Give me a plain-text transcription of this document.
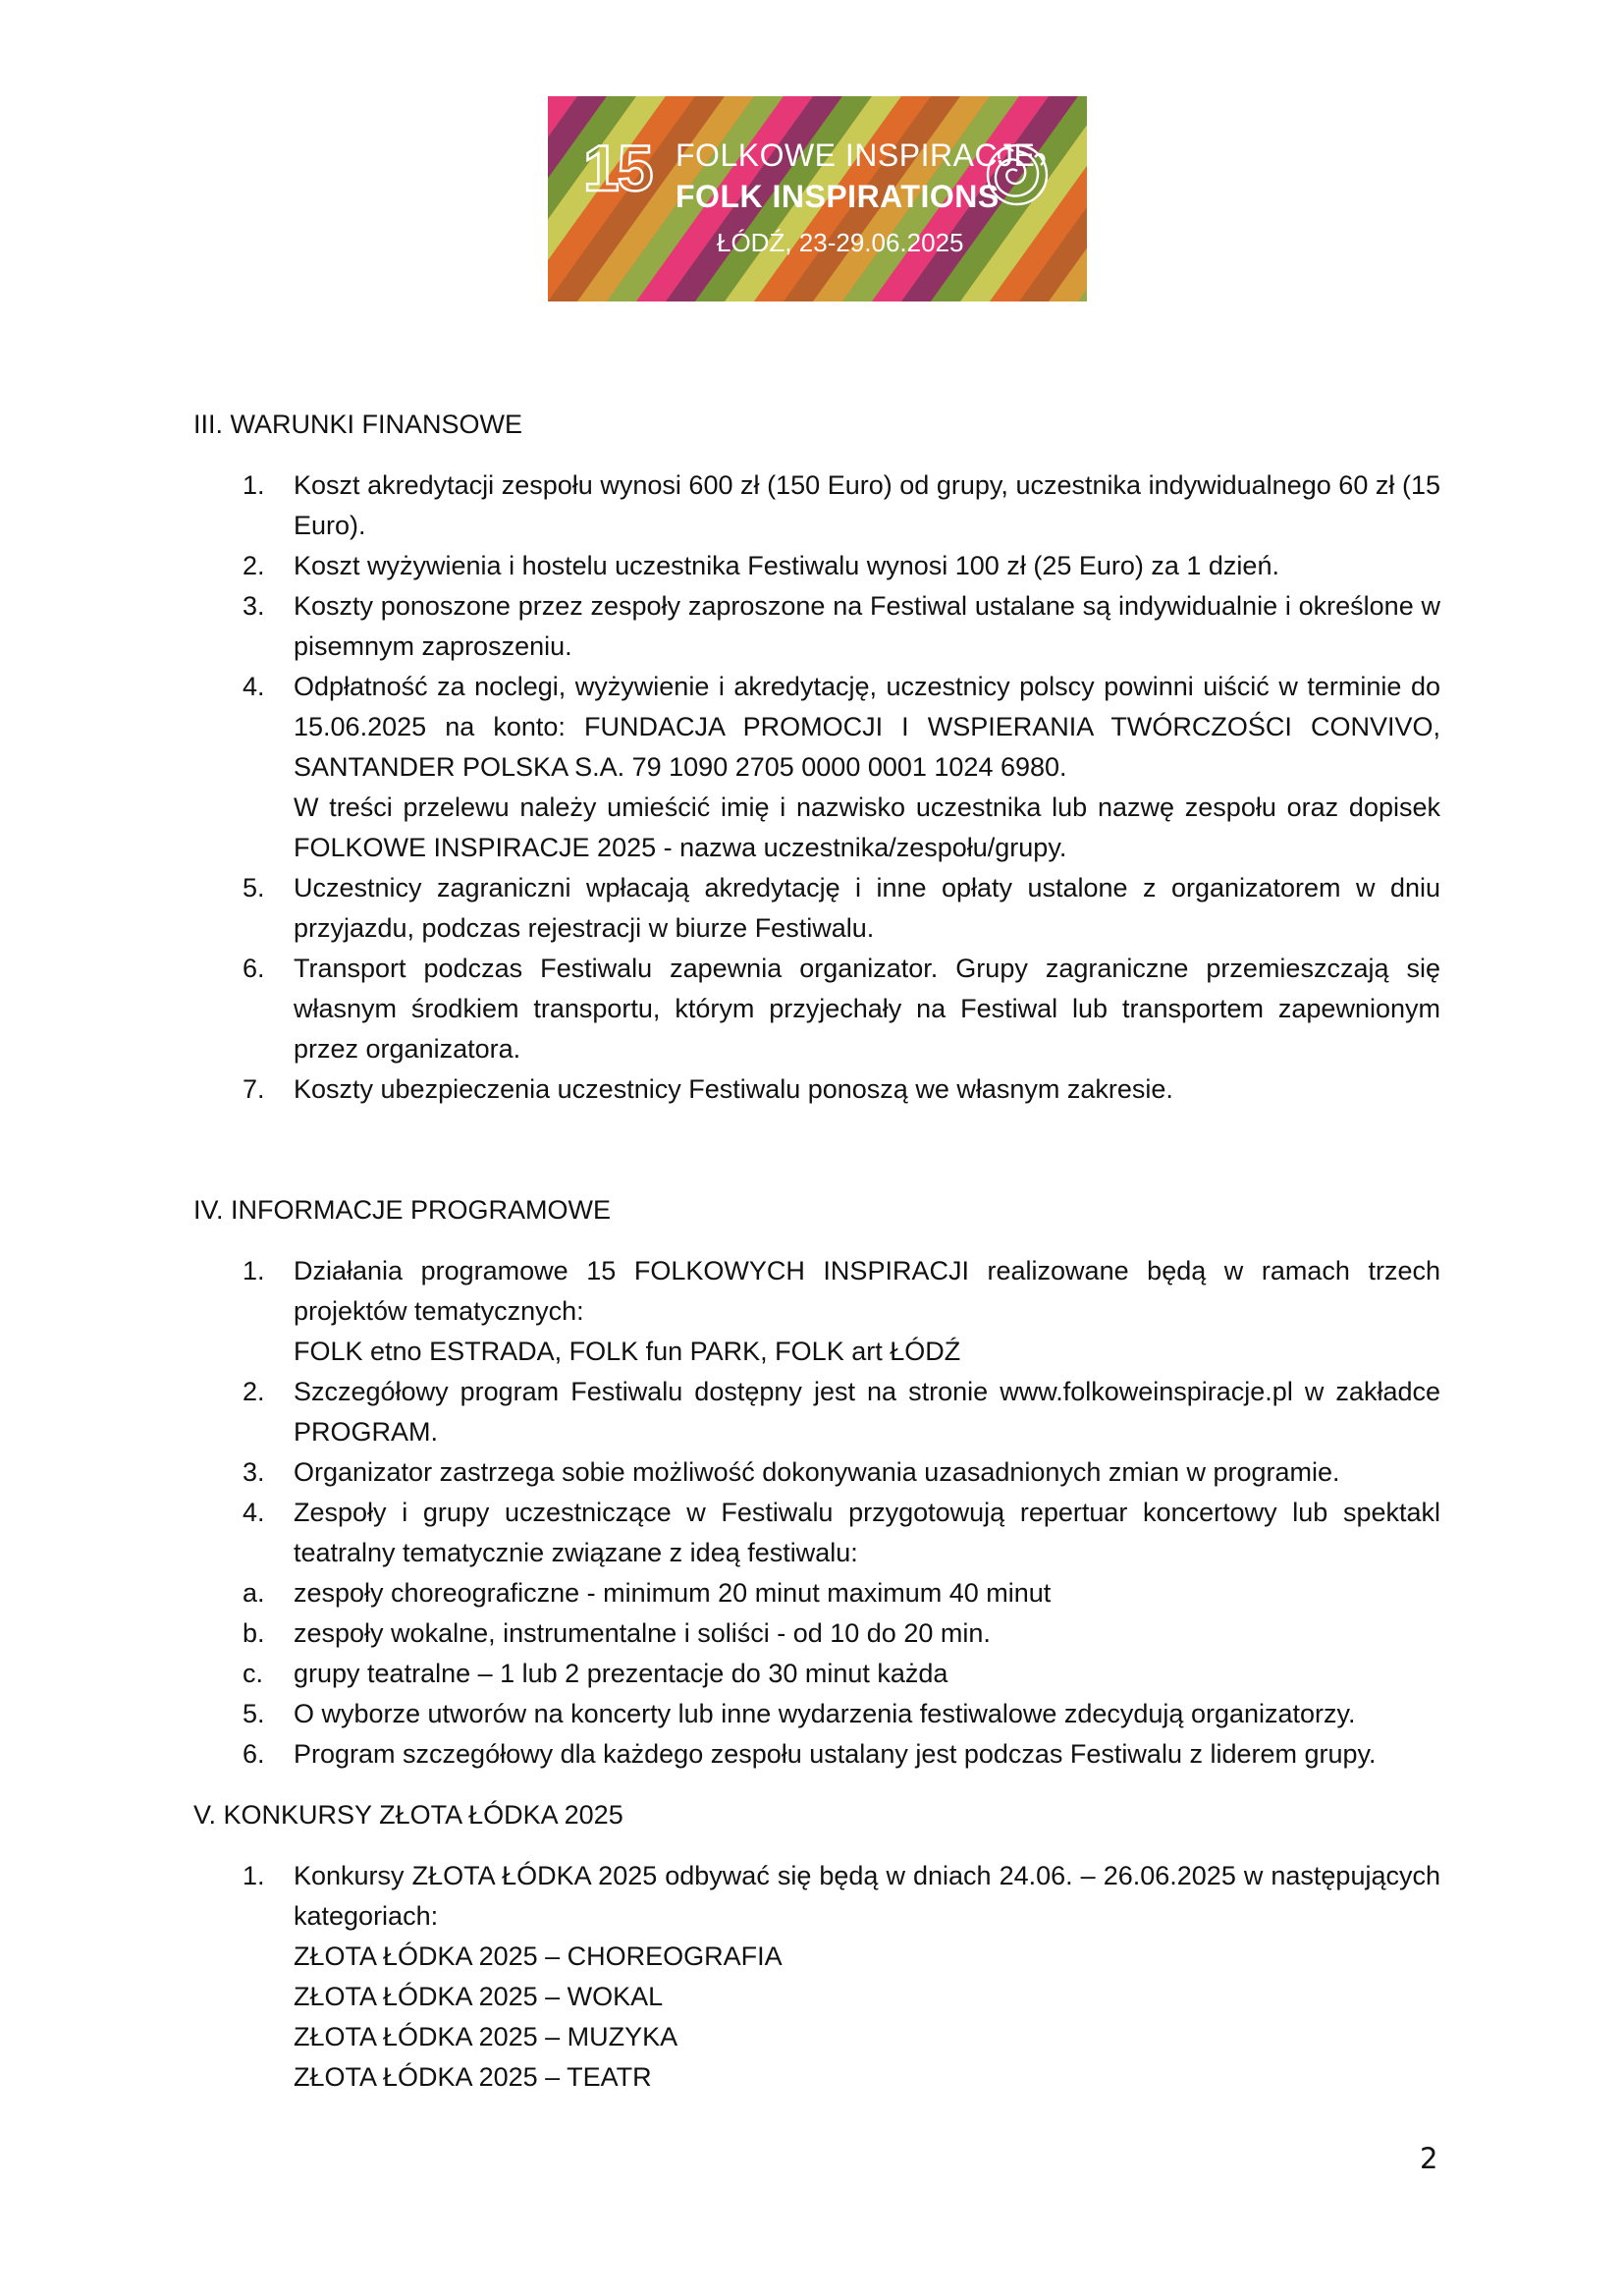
15 FOLKOWE INSPIRACJE
FOLK INSPIRATIONS
ŁÓDŹ, 23-29.06.2025
III. WARUNKI FINANSOWE
1. Koszt akredytacji zespołu wynosi 600 zł (150 Euro) od grupy, uczestnika indywidualnego 60 zł (15 Euro).
2. Koszt wyżywienia i hostelu uczestnika Festiwalu wynosi 100 zł (25 Euro) za 1 dzień.
3. Koszty ponoszone przez zespoły zaproszone na Festiwal ustalane są indywidualnie i określone w pisemnym zaproszeniu.
4. Odpłatność za noclegi, wyżywienie i akredytację, uczestnicy polscy powinni uiścić w terminie do 15.06.2025 na konto: FUNDACJA PROMOCJI I WSPIERANIA TWÓRCZOŚCI CONVIVO, SANTANDER POLSKA S.A. 79 1090 2705 0000 0001 1024 6980.
W treści przelewu należy umieścić imię i nazwisko uczestnika lub nazwę zespołu oraz dopisek FOLKOWE INSPIRACJE 2025 - nazwa uczestnika/zespołu/grupy.
5. Uczestnicy zagraniczni wpłacają akredytację i inne opłaty ustalone z organizatorem w dniu przyjazdu, podczas rejestracji w biurze Festiwalu.
6. Transport podczas Festiwalu zapewnia organizator. Grupy zagraniczne przemieszczają się własnym środkiem transportu, którym przyjechały na Festiwal lub transportem zapewnionym przez organizatora.
7. Koszty ubezpieczenia uczestnicy Festiwalu ponoszą we własnym zakresie.
IV. INFORMACJE PROGRAMOWE
1. Działania programowe 15 FOLKOWYCH INSPIRACJI realizowane będą w ramach trzech projektów tematycznych:
FOLK etno ESTRADA, FOLK fun PARK, FOLK art ŁÓDŹ
2. Szczegółowy program Festiwalu dostępny jest na stronie www.folkoweinspiracje.pl w zakładce PROGRAM.
3. Organizator zastrzega sobie możliwość dokonywania uzasadnionych zmian w programie.
4. Zespoły i grupy uczestniczące w Festiwalu przygotowują repertuar koncertowy lub spektakl teatralny tematycznie związane z ideą festiwalu:
a. zespoły choreograficzne - minimum 20 minut maximum 40 minut
b. zespoły wokalne, instrumentalne i soliści - od 10 do 20 min.
c. grupy teatralne – 1 lub 2 prezentacje do 30 minut każda
5. O wyborze utworów na koncerty lub inne wydarzenia festiwalowe zdecydują organizatorzy.
6. Program szczegółowy dla każdego zespołu ustalany jest podczas Festiwalu z liderem grupy.
V. KONKURSY ZŁOTA ŁÓDKA 2025
1. Konkursy ZŁOTA ŁÓDKA 2025 odbywać się będą w dniach 24.06. – 26.06.2025 w następujących kategoriach:
ZŁOTA ŁÓDKA 2025 – CHOREOGRAFIA
ZŁOTA ŁÓDKA 2025 – WOKAL
ZŁOTA ŁÓDKA 2025 – MUZYKA
ZŁOTA ŁÓDKA 2025 – TEATR
2
